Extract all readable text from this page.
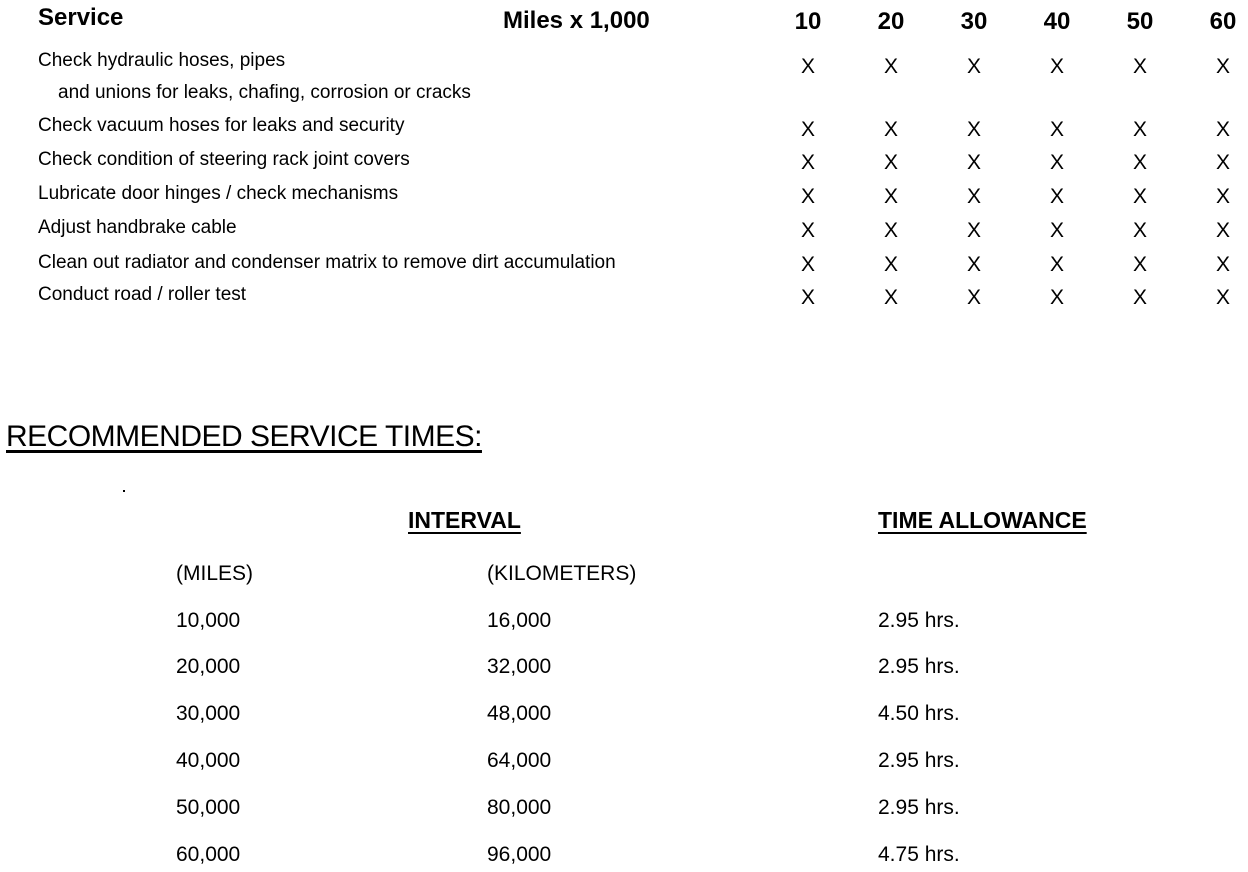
Service	Miles x 1,000	10	20	30	40	50	60
Check hydraulic hoses, pipes
and unions for leaks, chafing, corrosion or cracks
X	X	X	X	X	X
Check vacuum hoses for leaks and security	X	X	X	X	X	X
Check condition of steering rack joint covers	X	X	X	X	X	X
Lubricate door hinges / check mechanisms	X	X	X	X	X	X
Adjust handbrake cable	X	X	X	X	X	X
Clean out radiator and condenser matrix to remove dirt accumulation	X	X	X	X	X	X
Conduct road / roller test	X	X	X	X	X	X
RECOMMENDED SERVICE TIMES:
INTERVAL	TIME ALLOWANCE
(MILES)	(KILOMETERS)
10,000	16,000	2.95 hrs.
20,000	32,000	2.95 hrs.
30,000	48,000	4.50 hrs.
40,000	64,000	2.95 hrs.
50,000	80,000	2.95 hrs.
60,000	96,000	4.75 hrs.
